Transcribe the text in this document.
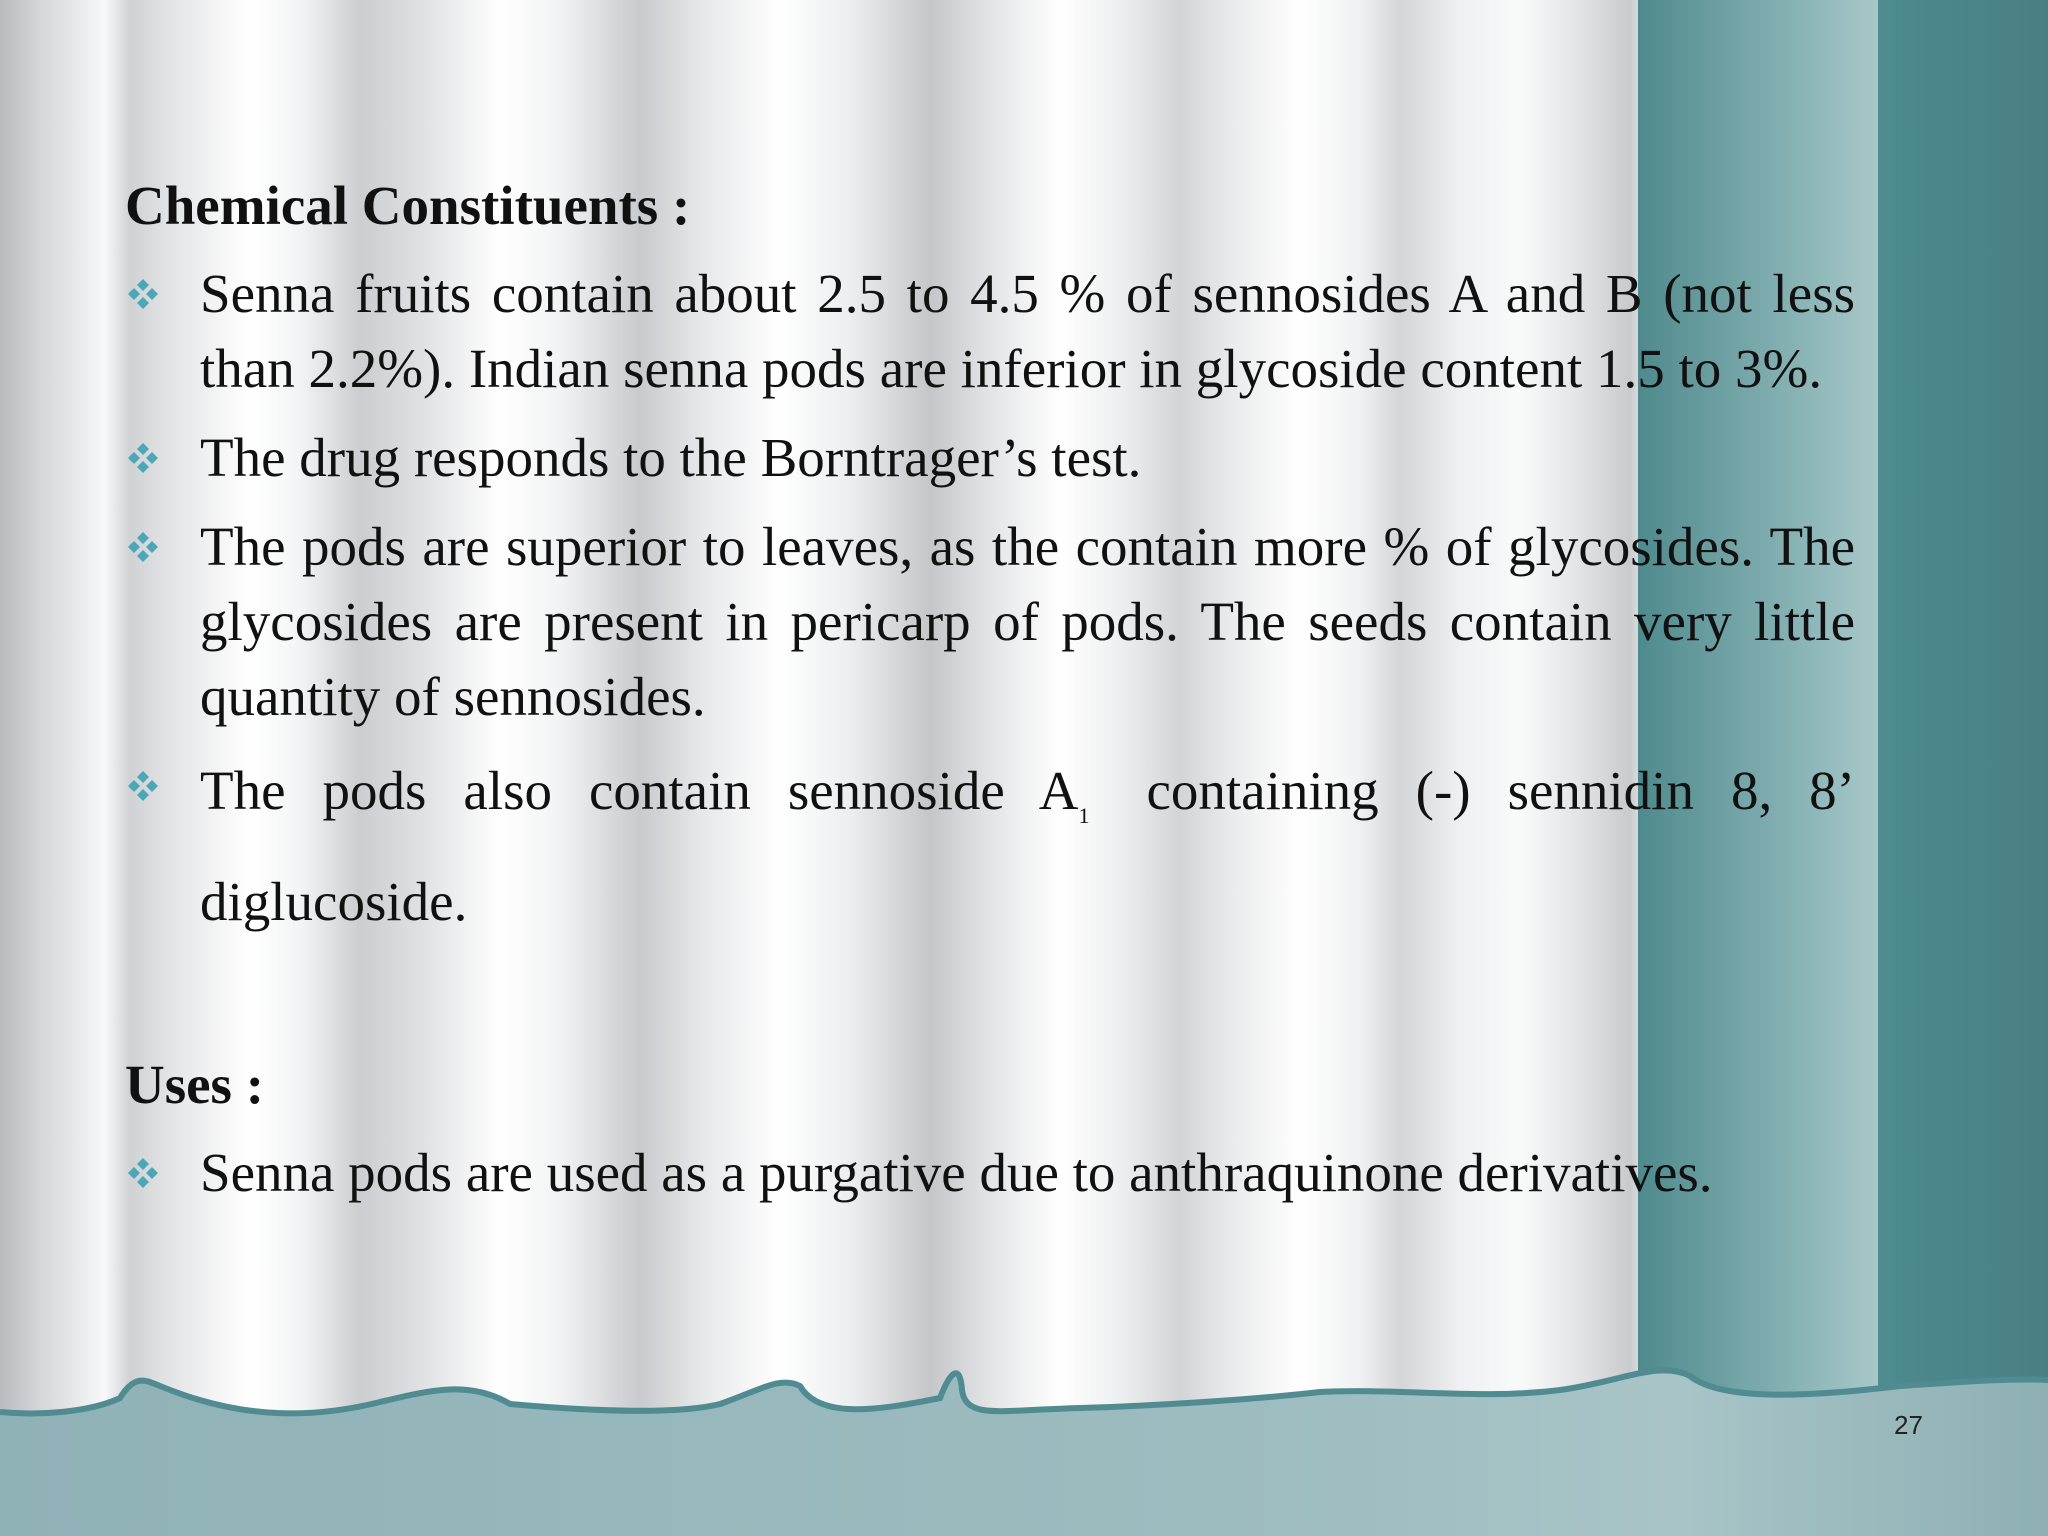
Chemical Constituents :
Senna fruits contain about 2.5 to 4.5 % of sennosides A and B (not less than 2.2%). Indian senna pods are inferior in glycoside content 1.5 to 3%.
The drug responds to the Borntrager’s test.
The pods are superior to leaves, as the contain more % of glycosides. The glycosides are present in pericarp of pods. The seeds contain very little quantity of sennosides.
The pods also contain sennoside $A_1$ containing (-) sennidin 8, 8’ diglucoside.
Uses :
Senna pods are used as a purgative due to anthraquinone derivatives.
27
